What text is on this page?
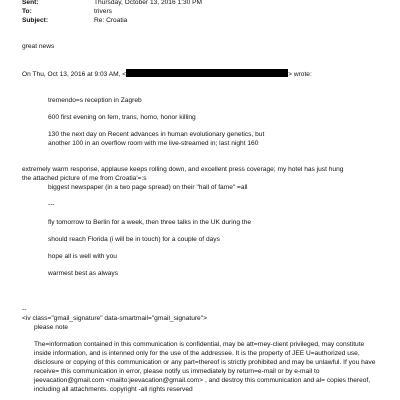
Sent:	Thursday, October 13, 2016 1:30 PM
To:	trivers
Subject:	Re: Croatia
great news
On Thu, Oct 13, 2016 at 9:03 AM, <	> wrote:
tremendo=s reception in Zagreb
600 first evening on fem, trans, homo, honor killing
130 the next day on Recent advances in human evolutionary genetics, but
another 100 in an overflow room with me live-streamed in; last night 160
extremely warm response, applause keeps rolling down, and excellent press coverage; my hotel has just hung
the attached picture of me from Croatia'=:s
biggest newspaper (in a two page spread) on their "hall of fame" =all
---
fly tomorrow to Berlin for a week, then three talks in the UK during the
should reach Florida (i will be in touch) for a couple of days
hope all is well with you
warmest best as always
--
<iv class="gmail_signature" data-smartmail="gmail_signature">
please note
The=information contained in this communication is confidential, may be att=rney-client privileged, may constitute
inside information, and is intenned only for the use of the addressee. It is the property of JEE U=authorized use,
disclosure or copying of this communication or any part=thereof is strictly prohibited and may be unlawful. If you have
receive= this communication in error, please notify us immediately by return=e-mail or by e-mail to
jeevacation@gmail.com <mailto:jeevacation@gmail.com> , and destroy this communication and al= copies thereof,
including all attachments. copyright -all rights reserved
